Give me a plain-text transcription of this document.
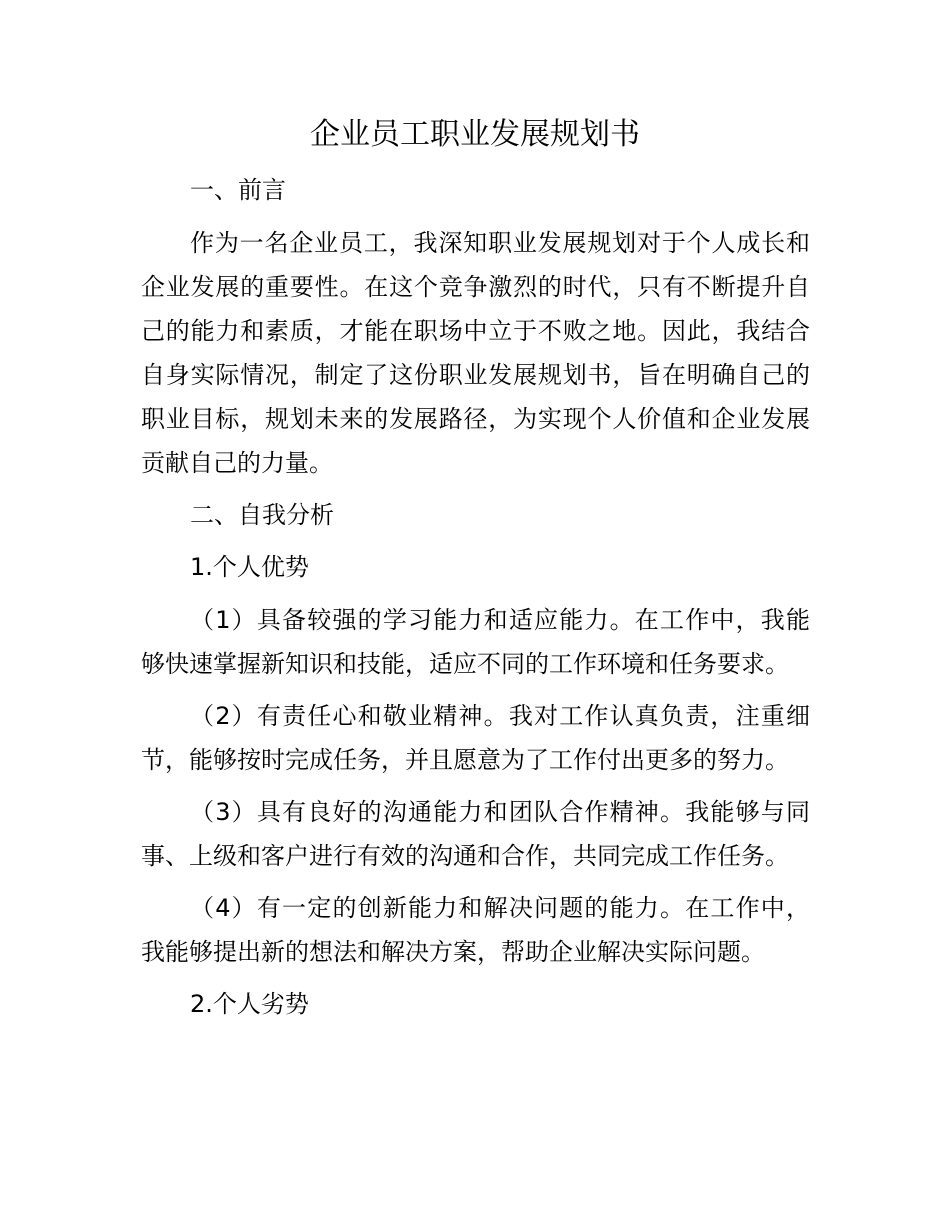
企业员工职业发展规划书
一、前言
作为一名企业员工，我深知职业发展规划对于个人成长和
企业发展的重要性。在这个竞争激烈的时代，只有不断提升自
己的能力和素质，才能在职场中立于不败之地。因此，我结合
自身实际情况，制定了这份职业发展规划书，旨在明确自己的
职业目标，规划未来的发展路径，为实现个人价值和企业发展
贡献自己的力量。
二、自我分析
1.个人优势
（1）具备较强的学习能力和适应能力。在工作中，我能
够快速掌握新知识和技能，适应不同的工作环境和任务要求。
（2）有责任心和敬业精神。我对工作认真负责，注重细
节，能够按时完成任务，并且愿意为了工作付出更多的努力。
（3）具有良好的沟通能力和团队合作精神。我能够与同
事、上级和客户进行有效的沟通和合作，共同完成工作任务。
（4）有一定的创新能力和解决问题的能力。在工作中，
我能够提出新的想法和解决方案，帮助企业解决实际问题。
2.个人劣势
